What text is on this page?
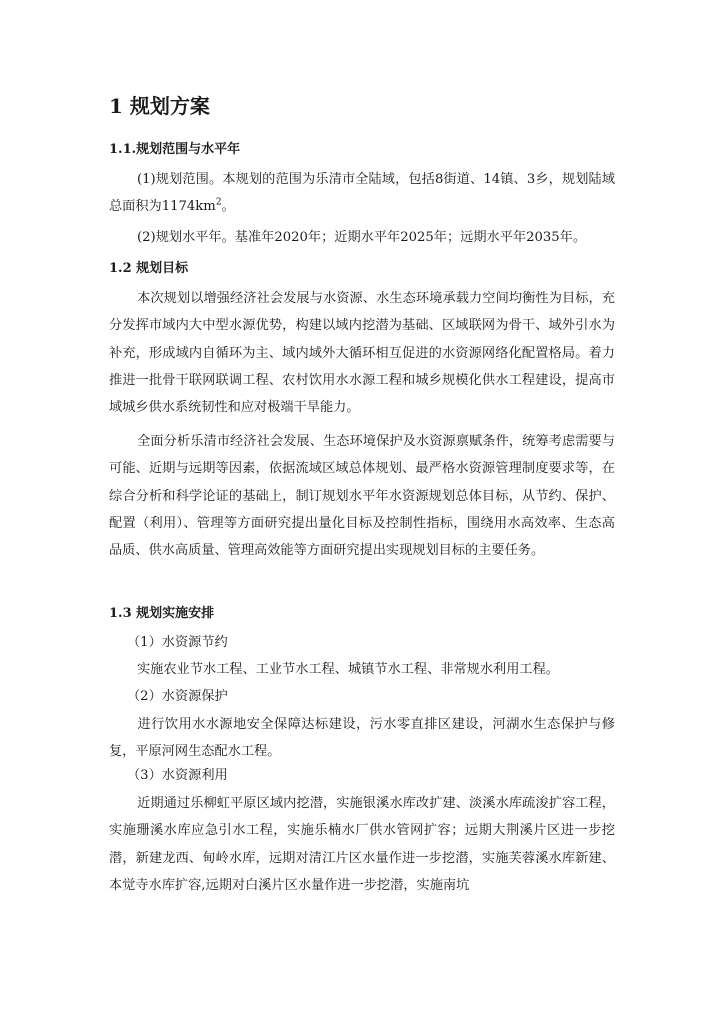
1 规划方案
1.1.规划范围与水平年
(1)规划范围。本规划的范围为乐清市全陆域，包括8街道、14镇、3乡，规划陆域总面积为$1174km^2$。
(2)规划水平年。基准年2020年；近期水平年2025年；远期水平年2035年。
1.2 规划目标
本次规划以增强经济社会发展与水资源、水生态环境承载力空间均衡性为目标，充分发挥市域内大中型水源优势，构建以域内挖潜为基础、区域联网为骨干、域外引水为补充，形成域内自循环为主、域内域外大循环相互促进的水资源网络化配置格局。着力推进一批骨干联网联调工程、农村饮用水水源工程和城乡规模化供水工程建设，提高市域城乡供水系统韧性和应对极端干旱能力。
全面分析乐清市经济社会发展、生态环境保护及水资源禀赋条件，统筹考虑需要与可能、近期与远期等因素，依据流域区域总体规划、最严格水资源管理制度要求等，在综合分析和科学论证的基础上，制订规划水平年水资源规划总体目标，从节约、保护、配置（利用）、管理等方面研究提出量化目标及控制性指标，围绕用水高效率、生态高品质、供水高质量、管理高效能等方面研究提出实现规划目标的主要任务。
1.3 规划实施安排
（1）水资源节约
实施农业节水工程、工业节水工程、城镇节水工程、非常规水利用工程。
（2）水资源保护
进行饮用水水源地安全保障达标建设，污水零直排区建设，河湖水生态保护与修复，平原河网生态配水工程。
（3）水资源利用
近期通过乐柳虹平原区域内挖潜，实施银溪水库改扩建、淡溪水库疏浚扩容工程，实施珊溪水库应急引水工程，实施乐楠水厂供水管网扩容；远期大荆溪片区进一步挖潜，新建龙西、甸岭水库，远期对清江片区水量作进一步挖潜，实施芙蓉溪水库新建、本觉寺水库扩容,远期对白溪片区水量作进一步挖潜，实施南坑
